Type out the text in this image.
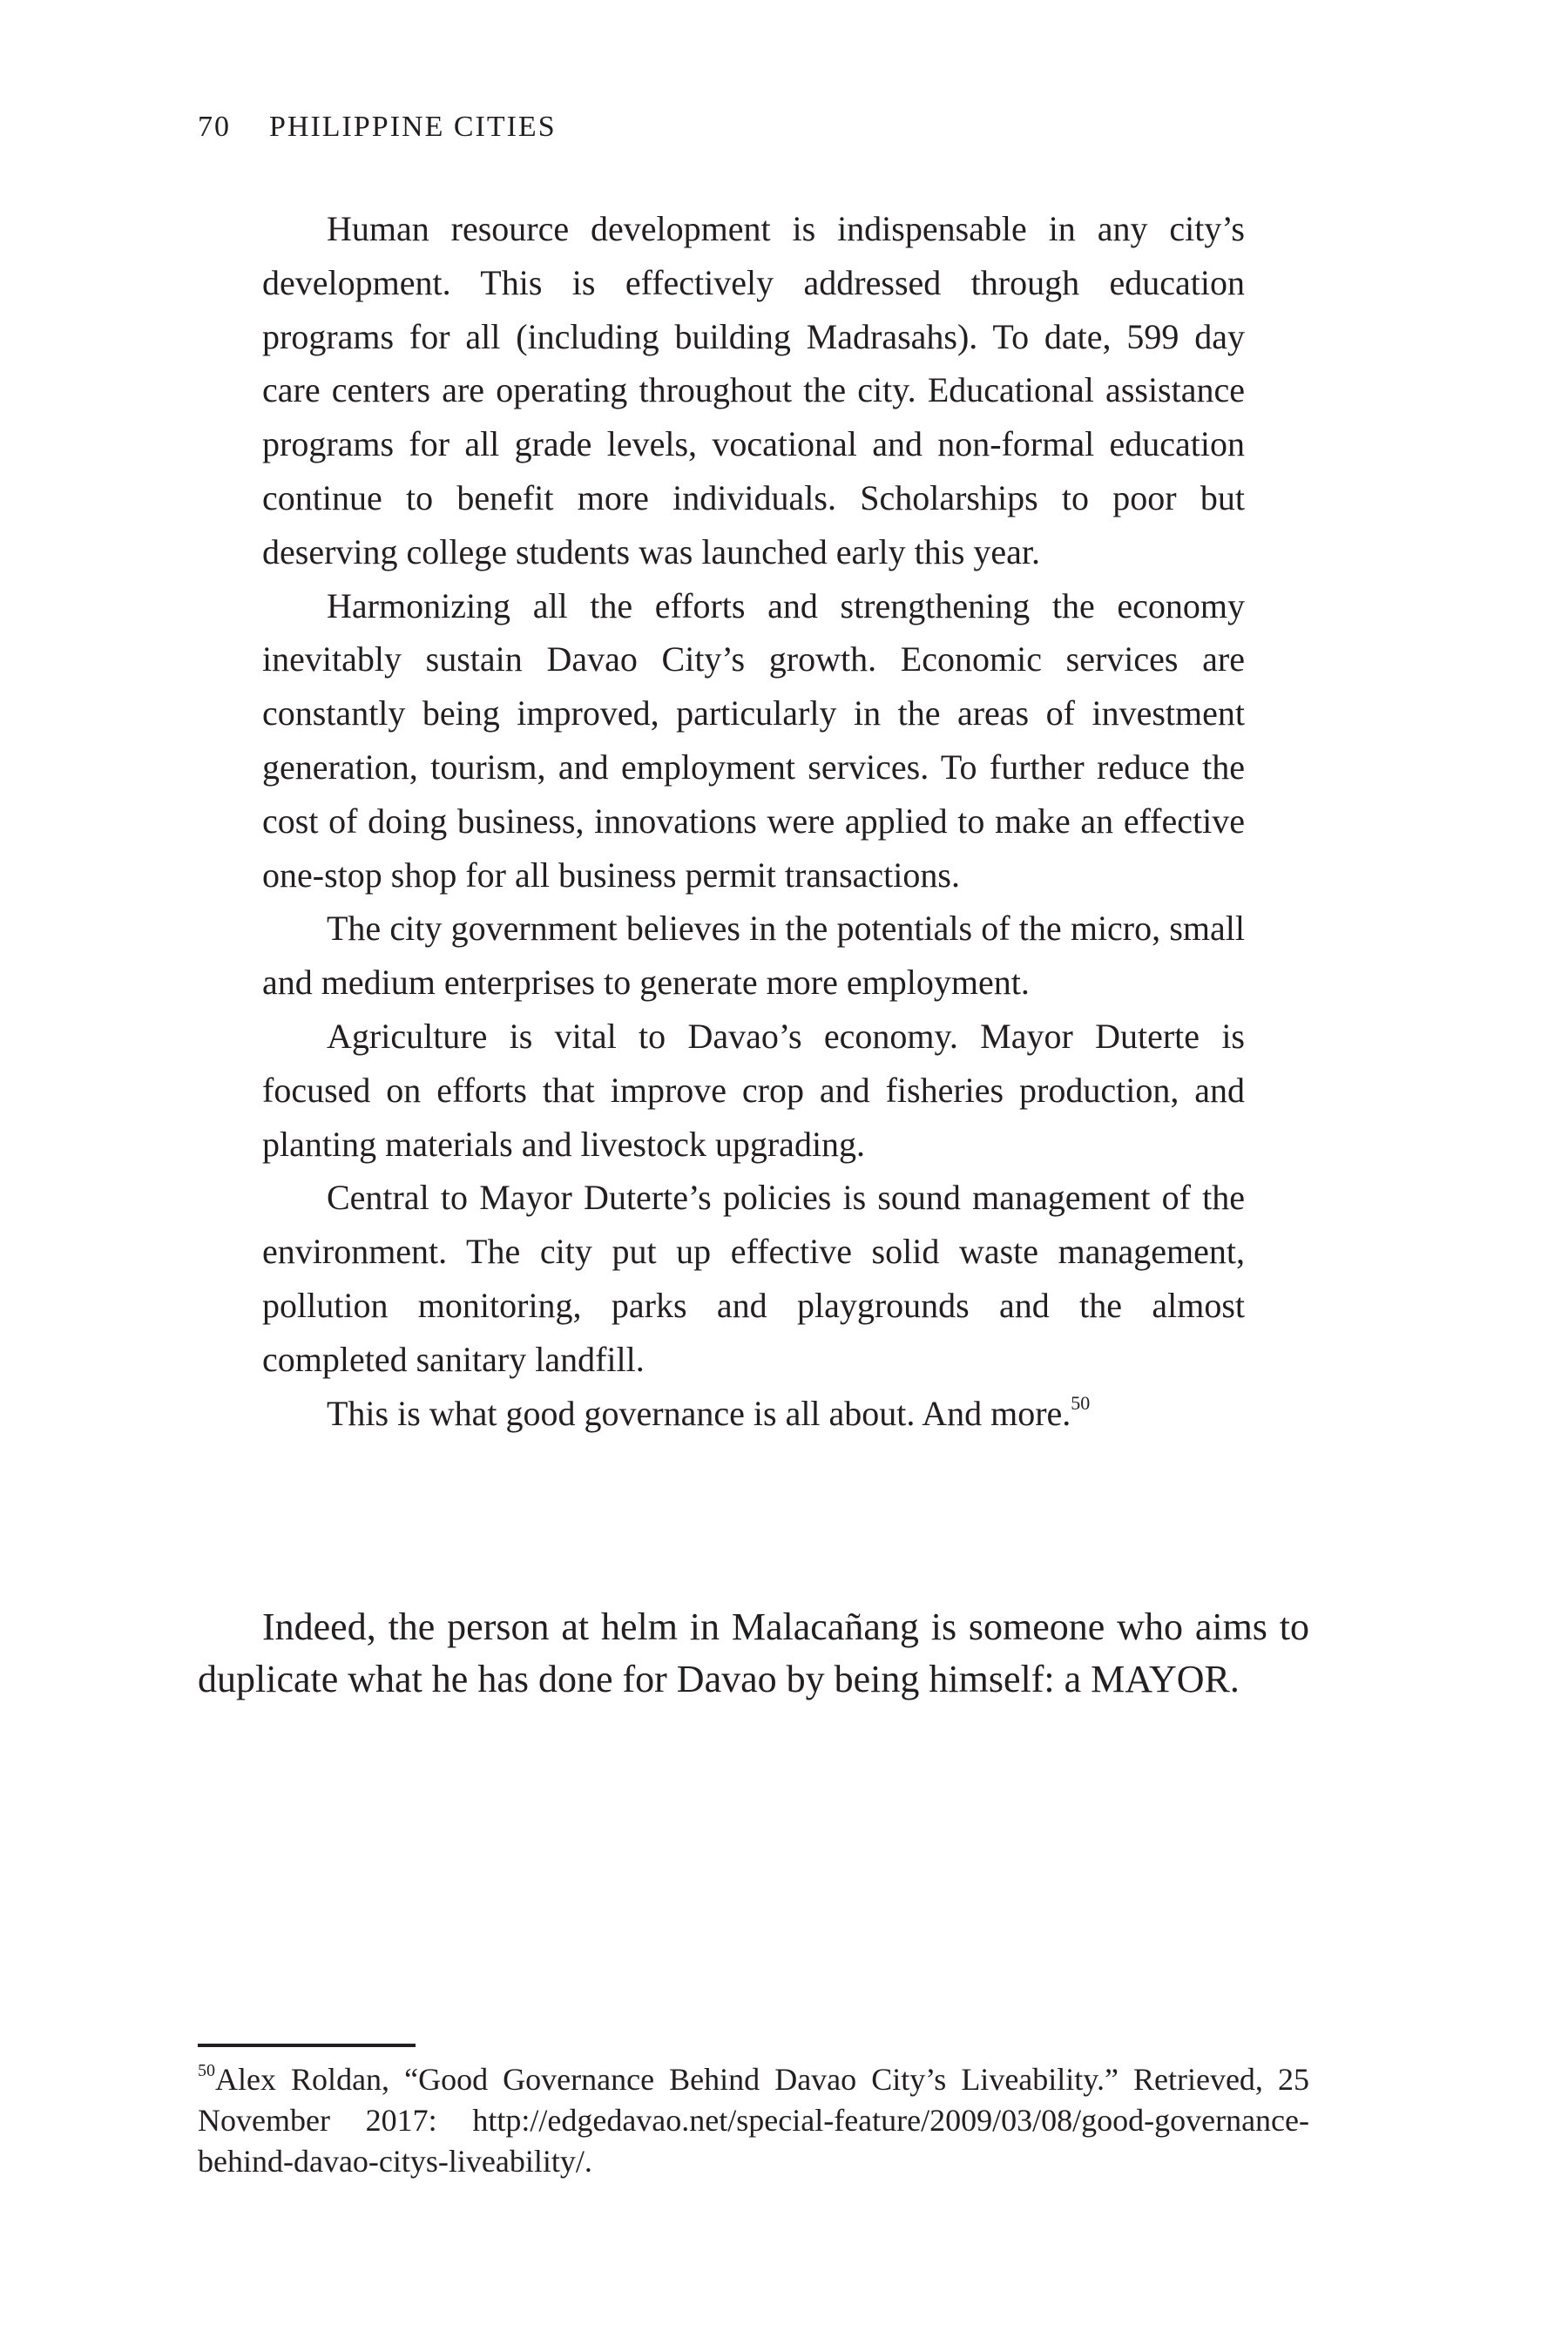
70 PHILIPPINE CITIES

Human resource development is indispensable in any city’s development. This is effectively addressed through education programs for all (including building Madrasahs). To date, 599 day care centers are operating throughout the city. Educational assistance programs for all grade levels, vocational and non-formal education continue to benefit more individuals. Scholarships to poor but deserving college students was launched early this year.

Harmonizing all the efforts and strengthening the economy inevitably sustain Davao City’s growth. Economic services are constantly being improved, particularly in the areas of investment generation, tourism, and employment services. To further reduce the cost of doing business, innovations were applied to make an effective one-stop shop for all business permit transactions.

The city government believes in the potentials of the micro, small and medium enterprises to generate more employment.

Agriculture is vital to Davao’s economy. Mayor Duterte is focused on efforts that improve crop and fisheries production, and planting materials and livestock upgrading.

Central to Mayor Duterte’s policies is sound management of the environment. The city put up effective solid waste management, pollution monitoring, parks and playgrounds and the almost completed sanitary landfill.

This is what good governance is all about. And more.$^{50}$

Indeed, the person at helm in Malacañang is someone who aims to duplicate what he has done for Davao by being himself: a MAYOR.

$^{50}$Alex Roldan, “Good Governance Behind Davao City’s Liveability.” Retrieved, 25 November 2017: http://edgedavao.net/special-feature/2009/03/08/good-governance-behind-davao-citys-liveability/.
